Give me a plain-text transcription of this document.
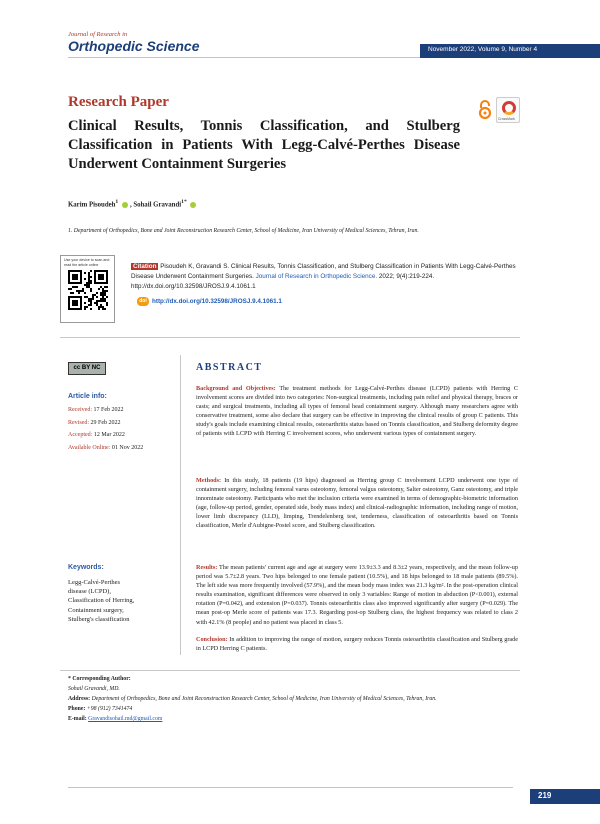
Journal of Research in
Orthopedic Science	November 2022, Volume 9, Number 4
Research Paper
Clinical Results, Tonnis Classification, and Stulberg Classification in Patients With Legg-Calvé-Perthes Disease Underwent Containment Surgeries
CrossMark
Karim Pisoudeh$^1$ , Sohail Gravandi$^{1*}$
1. Department of Orthopedics, Bone and Joint Reconstruction Research Center, School of Medicine, Iran University of Medical Sciences, Tehran, Iran.
Use your device to scan and read the article online	Citation Pisoudeh K, Gravandi S. Clinical Results, Tonnis Classification, and Stulberg Classification in Patients With Legg-Calvé-Perthes Disease Underwent Containment Surgeries. Journal of Research in Orthopedic Science. 2022; 9(4):219-224. http://dx.doi.org/10.32598/JROSJ.9.4.1061.1
doi http://dx.doi.org/10.32598/JROSJ.9.4.1061.1
cc BY NC
Article info:
Received: 17 Feb 2022
Revised: 29 Feb 2022
Accepted: 12 Mar 2022
Available Online: 01 Nov 2022
Keywords:
Legg-Calvé-Perthes
disease (LCPD),
Classification of Herring,
Containment surgery,
Stulberg's classification
ABSTRACT
Background and Objectives: The treatment methods for Legg-Calvé-Perthes disease (LCPD) patients with Herring C involvement scores are divided into two categories: Non-surgical treatments, including pain relief and physical therapy, braces or casts; and surgical treatments, including all types of femoral head containment surgery. Although many researchers agree with conservative treatment, some also declare that surgery can be effective in improving the clinical results of group C patients. This study's goals include examining clinical results, osteoarthritis status based on Tonnis classification, and Stulberg deformity degree of patients with LCPD with Herring C involvement scores, who underwent various types of containment surgery.
Methods: In this study, 18 patients (19 hips) diagnosed as Herring group C involvement LCPD underwent one type of containment surgery, including femoral varus osteotomy, femoral valgus osteotomy, Salter osteotomy, Ganz osteotomy, and triple innominate osteotomy. Participants who met the inclusion criteria were examined in terms of demographic-biometric information (age, follow-up period, gender, operated side, body mass index) and clinical-radiographic information, including range of motion, lower limb discrepancy (LLD), limping, Trendelenberg test, tenderness, classification of osteoarthritis based on Tonnis classification, Merle d'Aubigne-Postel score, and Stulberg classification.
Results: The mean patients' current age and age at surgery were 13.9±3.3 and 8.3±2 years, respectively, and the mean follow-up period was 5.7±2.8 years. Two hips belonged to one female patient (10.5%), and 18 hips belonged to 18 male patients (89.5%). The left side was more frequently involved (57.9%), and the mean body mass index was 21.3 kg/m². In the post-operation clinical results examination, significant differences were observed in only 3 variables: Range of motion in abduction (P<0.001), external rotation (P=0.042), and extension (P=0.037). Tonnis osteoarthritis class also improved significantly after surgery (P=0.029). The mean post-op Merle score of patients was 17.3. Regarding post-op Stulberg class, the highest frequency was related to class 2 with 42.1% (8 people) and no patient was placed in class 5.
Conclusion: In addition to improving the range of motion, surgery reduces Tonnis osteoarthritis classification and Stulberg grade in LCPD Herring C patients.
* Corresponding Author:
Sohail Gravandi, MD.
Address: Department of Orthopedics, Bone and Joint Reconstruction Research Center, School of Medicine, Iran University of Medical Sciences, Tehran, Iran.
Phone: +98 (912) 7341474
E-mail: Gravandisohail.md@gmail.com
219
